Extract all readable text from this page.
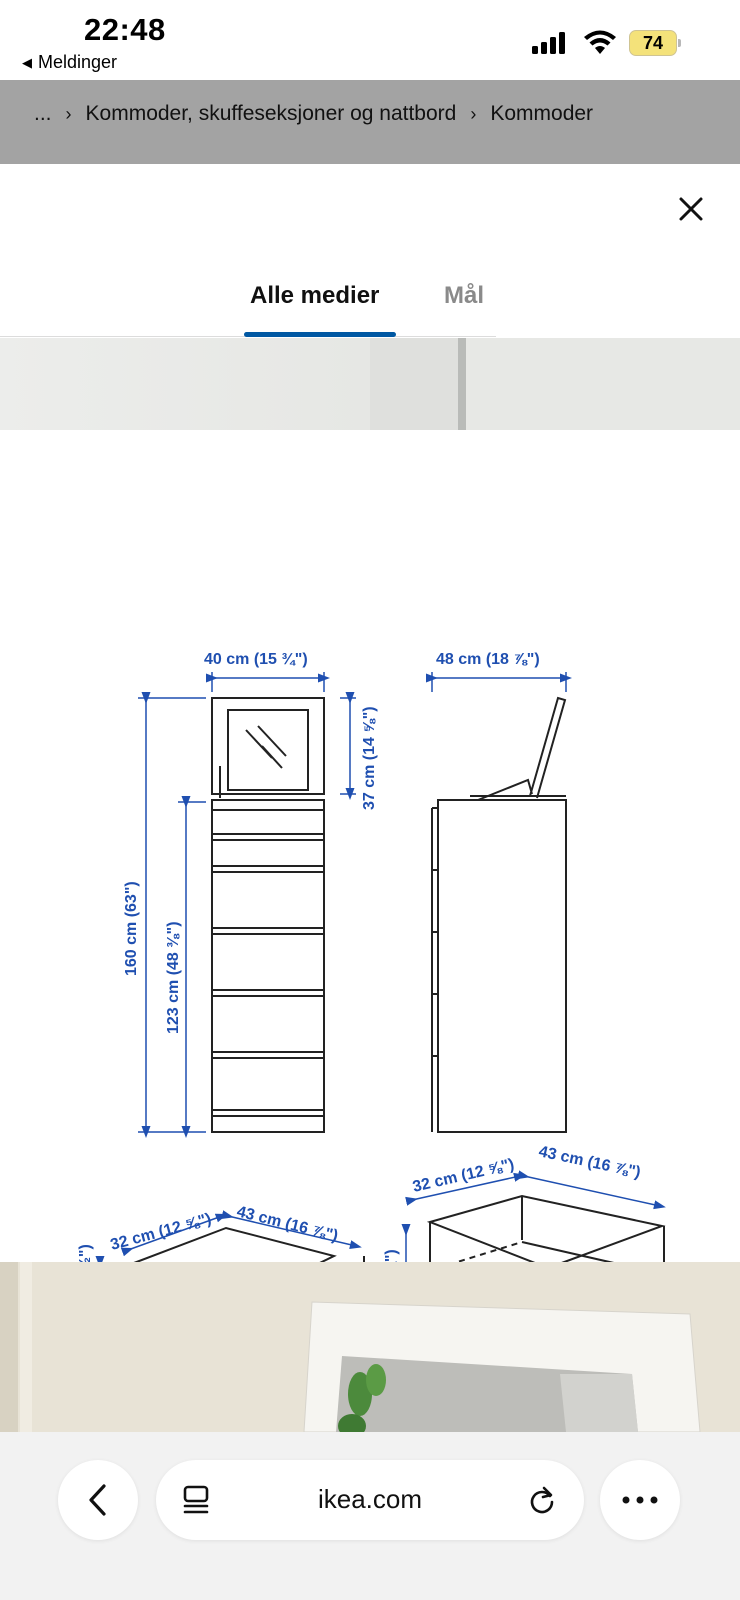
22:48
◀ Meldinger
74
... › Kommoder, skuffeseksjoner og nattbord › Kommoder
Alle medier	Mål
40 cm (15 ¾")	48 cm (18 ⅞")
37 cm (14 ⅝")
160 cm (63") 123 cm (48 ⅜")
32 cm (12 ⅝") 43 cm (16 ⅞")
32 cm (12 ⅝") 43 cm (16 ⅞")
ikea.com
